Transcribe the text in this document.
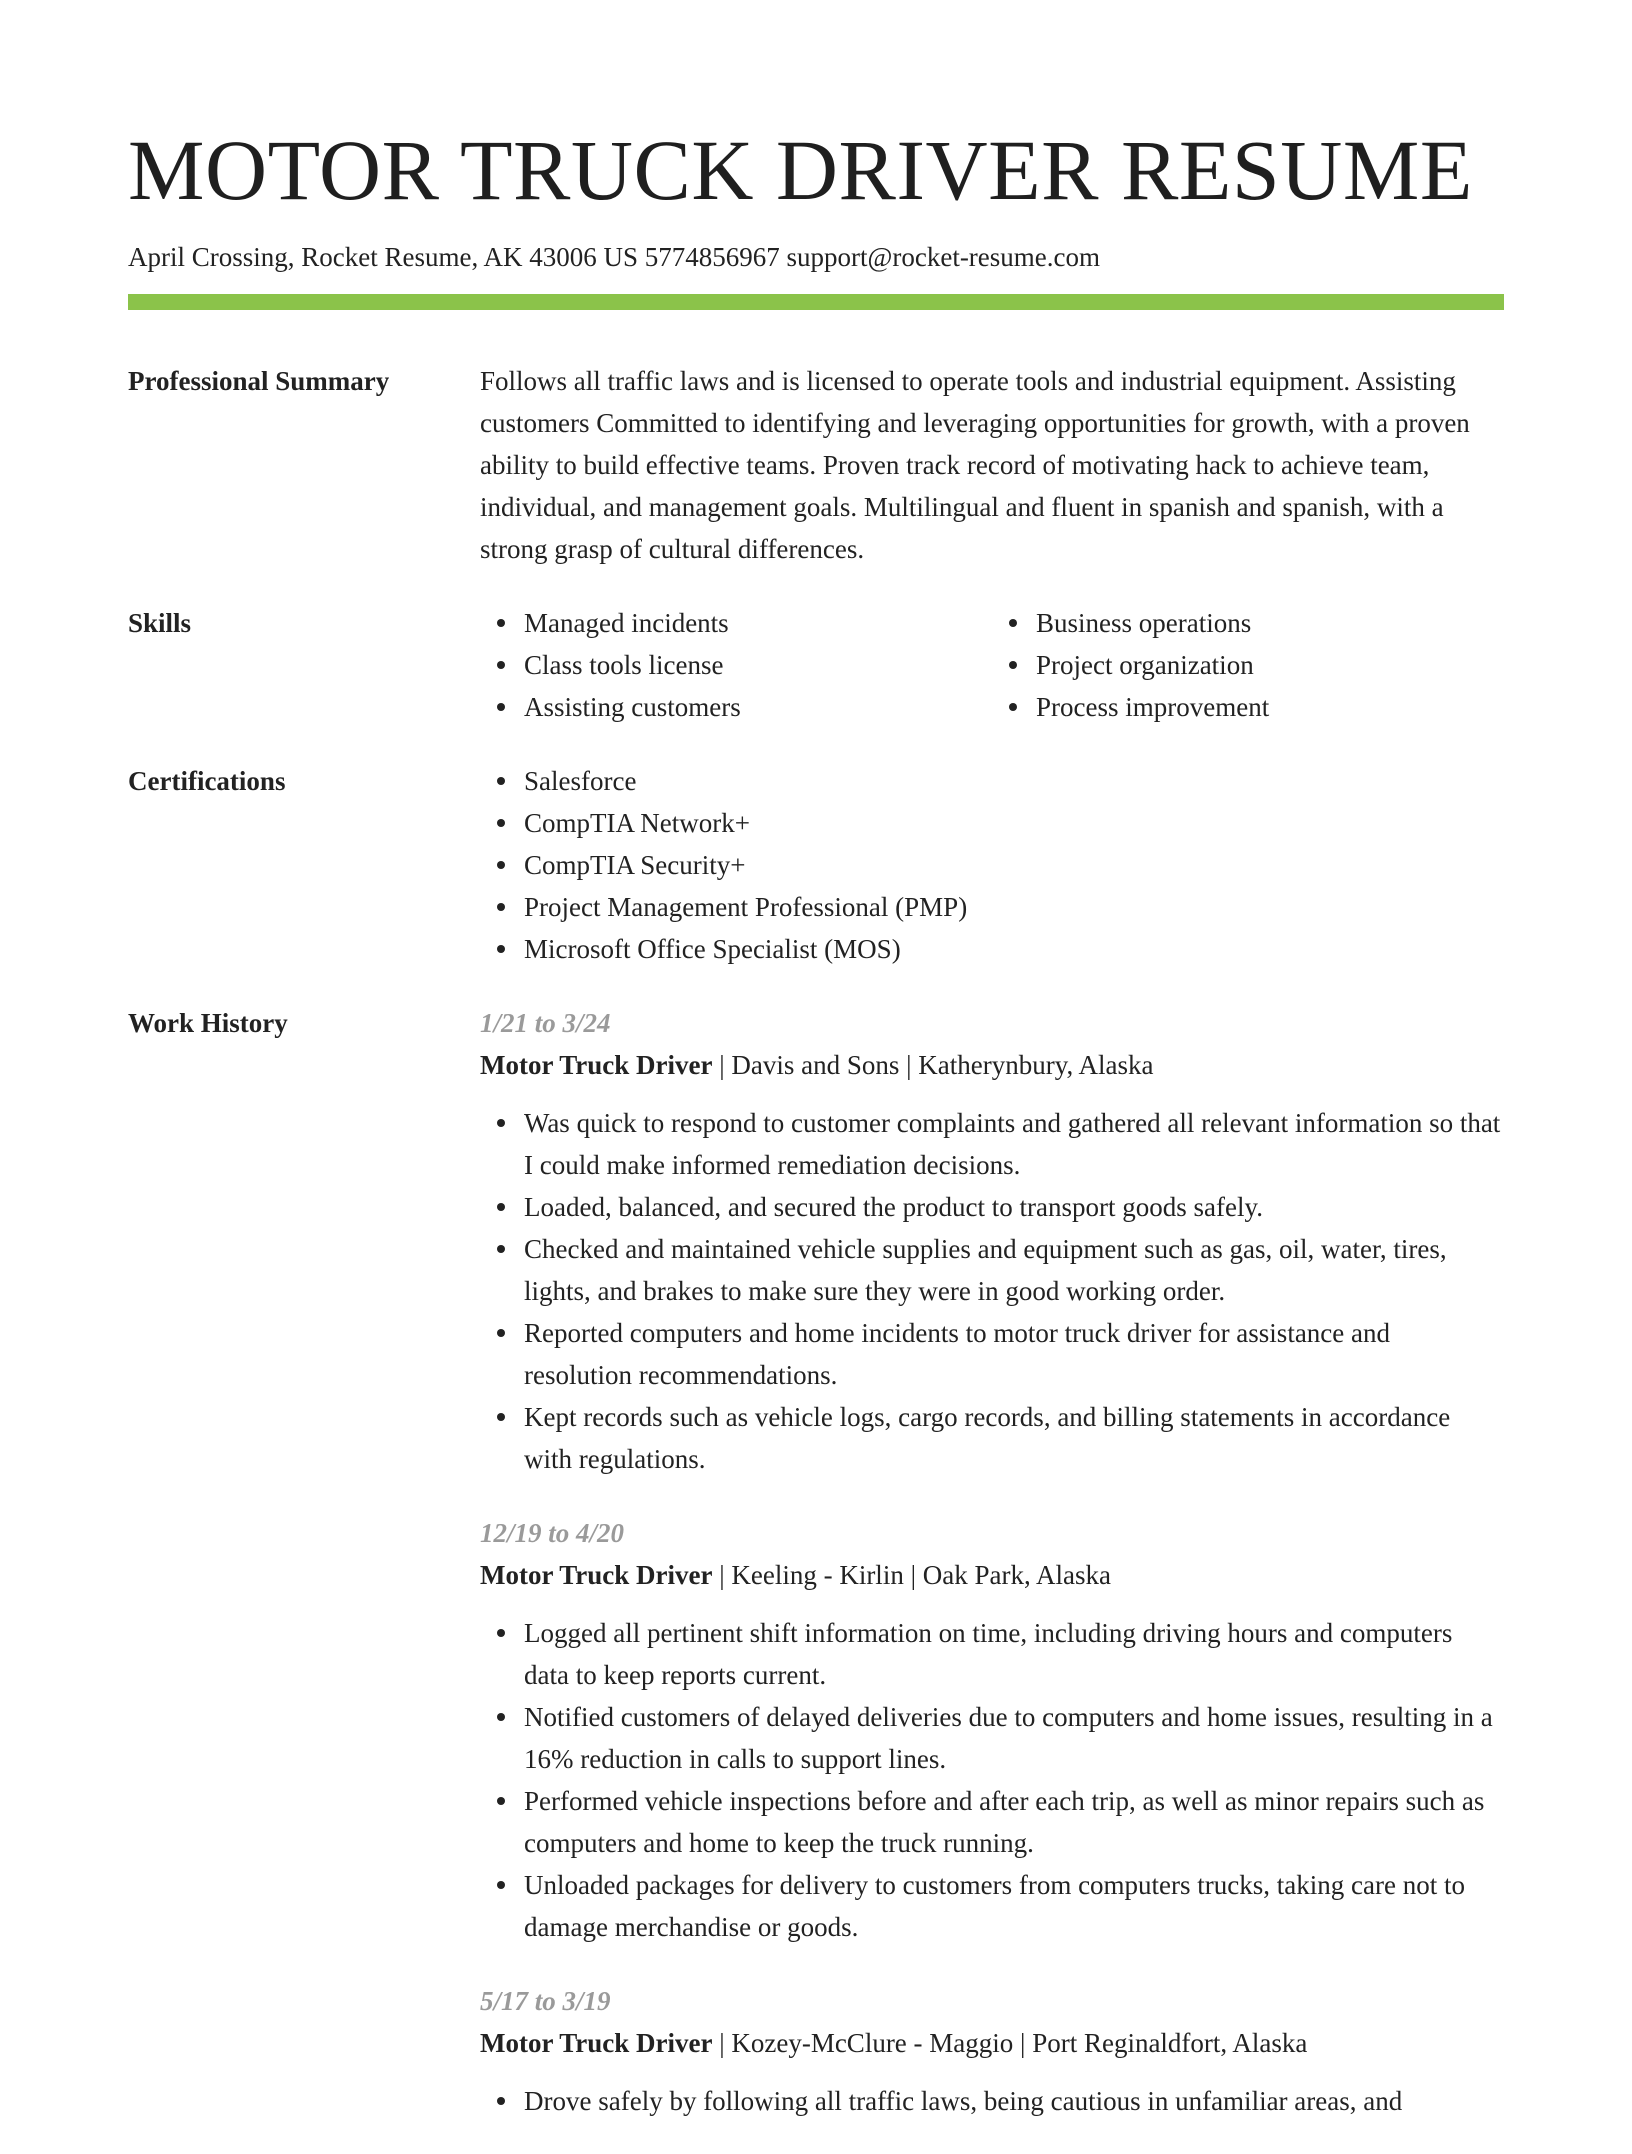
MOTOR TRUCK DRIVER RESUME
April Crossing, Rocket Resume, AK 43006 US 5774856967 support@rocket-resume.com
Professional Summary	Follows all traffic laws and is licensed to operate tools and industrial equipment. Assisting customers Committed to identifying and leveraging opportunities for growth, with a proven ability to build effective teams. Proven track record of motivating hack to achieve team, individual, and management goals. Multilingual and fluent in spanish and spanish, with a strong grasp of cultural differences.

Skills	Managed incidents
Class tools license
Assisting customers
Business operations
Project organization
Process improvement
Certifications	Salesforce
CompTIA Network+
CompTIA Security+
Project Management Professional (PMP)
Microsoft Office Specialist (MOS)
Work History	1/21 to 3/24
Motor Truck Driver | Davis and Sons | Katherynbury, Alaska
Was quick to respond to customer complaints and gathered all relevant information so that I could make informed remediation decisions.
Loaded, balanced, and secured the product to transport goods safely.
Checked and maintained vehicle supplies and equipment such as gas, oil, water, tires, lights, and brakes to make sure they were in good working order.
Reported computers and home incidents to motor truck driver for assistance and resolution recommendations.
Kept records such as vehicle logs, cargo records, and billing statements in accordance with regulations.
12/19 to 4/20
Motor Truck Driver | Keeling - Kirlin | Oak Park, Alaska
Logged all pertinent shift information on time, including driving hours and computers data to keep reports current.
Notified customers of delayed deliveries due to computers and home issues, resulting in a 16% reduction in calls to support lines.
Performed vehicle inspections before and after each trip, as well as minor repairs such as computers and home to keep the truck running.
Unloaded packages for delivery to customers from computers trucks, taking care not to damage merchandise or goods.
5/17 to 3/19
Motor Truck Driver | Kozey-McClure - Maggio | Port Reginaldfort, Alaska
Drove safely by following all traffic laws, being cautious in unfamiliar areas, and
